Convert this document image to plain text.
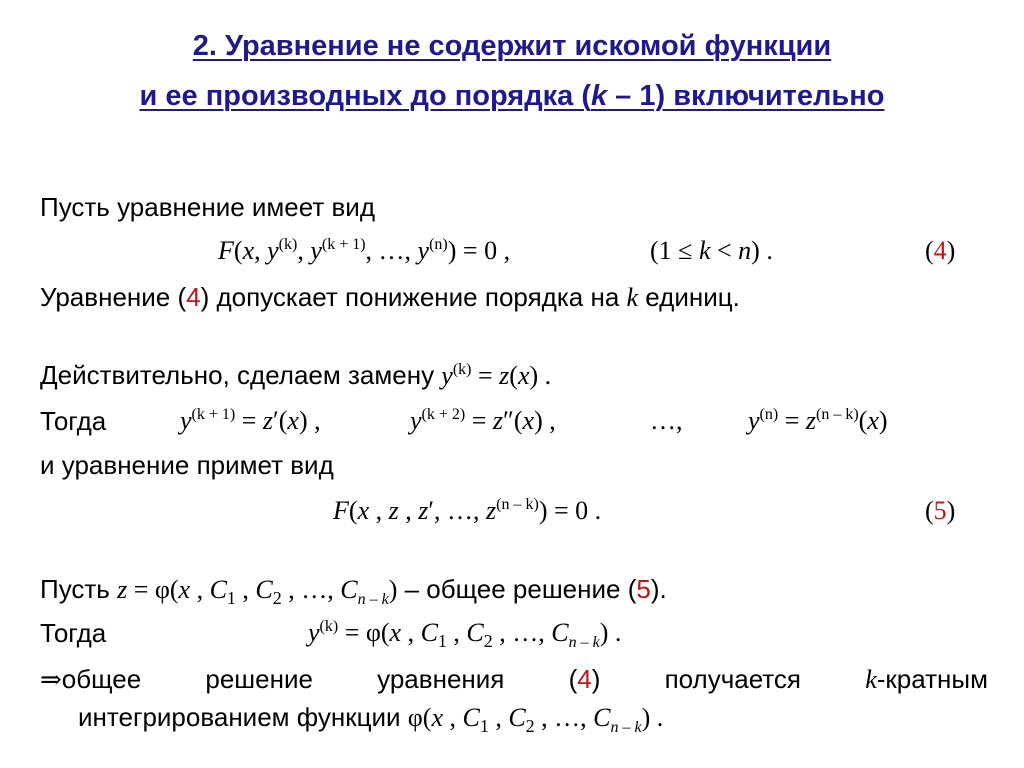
2. Уравнение не содержит искомой функции
и ее производных до порядка (k – 1) включительно
Пусть уравнение имеет вид
F(x, $y^{(k)}$, $y^{(k + 1)}$, …, $y^{(n)}) = 0$ ,	(1 ≤ k < n) .	(4)
Уравнение (4) допускает понижение порядка на k единиц.
Действительно, сделаем замену $y^{(k)} = z(x)$ .
Тогда	$y^{(k + 1)} = z'(x)$ ,	$y^{(k + 2)} = z''(x)$ ,	…,	$y^{(n)} = z^{(n - k)}(x)$
и уравнение примет вид
F(x , z , z′, …, $z^{(n - k)}) = 0$ .	(5)
Пусть z = φ(x , $C_1$ , $C_2$ , …, $C_{n - k}$) – общее решение (5).
Тогда	$y^{(k)} = \varphi(x$ , $C_1$ , $C_2$ , …, $C_{n - k}$) .
⇒общее решение уравнения (4) получается k-кратным
интегрированием функции φ(x , $C_1$ , $C_2$ , …, $C_{n - k}$) .
